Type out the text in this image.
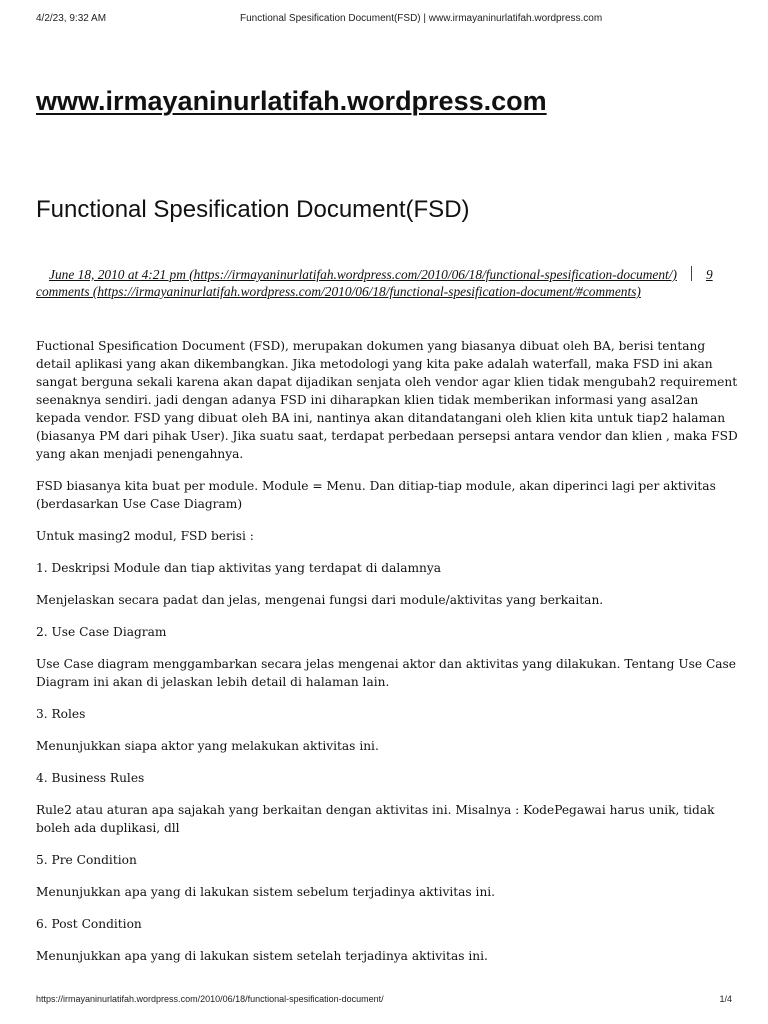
4/2/23, 9:32 AM	Functional Spesification Document(FSD) | www.irmayaninurlatifah.wordpress.com
www.irmayaninurlatifah.wordpress.com
Functional Spesification Document(FSD)
June 18, 2010 at 4:21 pm (https://irmayaninurlatifah.wordpress.com/2010/06/18/functional-spesification-document/) 9 comments (https://irmayaninurlatifah.wordpress.com/2010/06/18/functional-spesification-document/#comments)

Fuctional Spesification Document (FSD), merupakan dokumen yang biasanya dibuat oleh BA, berisi tentang detail aplikasi yang akan dikembangkan. Jika metodologi yang kita pake adalah waterfall, maka FSD ini akan sangat berguna sekali karena akan dapat dijadikan senjata oleh vendor agar klien tidak mengubah2 requirement seenaknya sendiri. jadi dengan adanya FSD ini diharapkan klien tidak memberikan informasi yang asal2an kepada vendor. FSD yang dibuat oleh BA ini, nantinya akan ditandatangani oleh klien kita untuk tiap2 halaman (biasanya PM dari pihak User). Jika suatu saat, terdapat perbedaan persepsi antara vendor dan klien , maka FSD yang akan menjadi penengahnya.

FSD biasanya kita buat per module. Module = Menu. Dan ditiap-tiap module, akan diperinci lagi per aktivitas (berdasarkan Use Case Diagram)

Untuk masing2 modul, FSD berisi :

1. Deskripsi Module dan tiap aktivitas yang terdapat di dalamnya

Menjelaskan secara padat dan jelas, mengenai fungsi dari module/aktivitas yang berkaitan.

2. Use Case Diagram

Use Case diagram menggambarkan secara jelas mengenai aktor dan aktivitas yang dilakukan. Tentang Use Case Diagram ini akan di jelaskan lebih detail di halaman lain.

3. Roles

Menunjukkan siapa aktor yang melakukan aktivitas ini.

4. Business Rules

Rule2 atau aturan apa sajakah yang berkaitan dengan aktivitas ini. Misalnya : KodePegawai harus unik, tidak boleh ada duplikasi, dll

5. Pre Condition

Menunjukkan apa yang di lakukan sistem sebelum terjadinya aktivitas ini.

6. Post Condition

Menunjukkan apa yang di lakukan sistem setelah terjadinya aktivitas ini.

https://irmayaninurlatifah.wordpress.com/2010/06/18/functional-spesification-document/	1/4
